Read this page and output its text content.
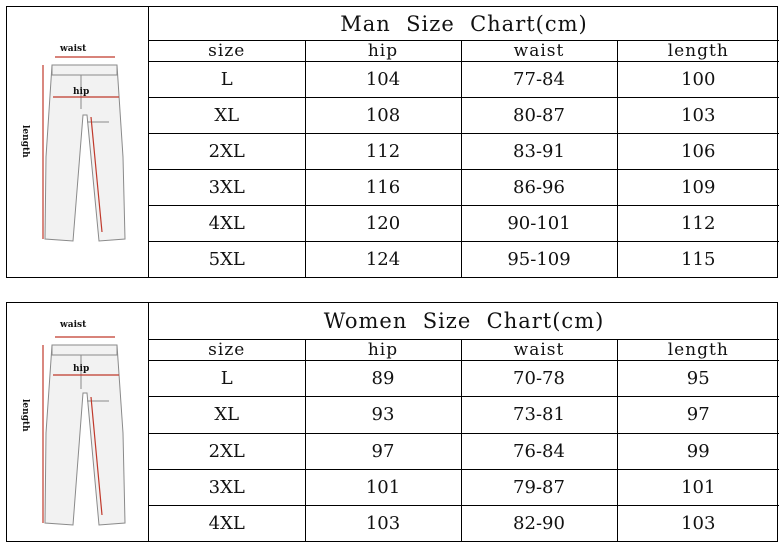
waist
hip
length
Man  Size  Chart(cm)
size	hip	waist	length
L	104	77-84	100
XL	108	80-87	103
2XL	112	83-91	106
3XL	116	86-96	109
4XL	120	90-101	112
5XL	124	95-109	115
waist
hip
length
Women  Size  Chart(cm)
size	hip	waist	length
L	89	70-78	95
XL	93	73-81	97
2XL	97	76-84	99
3XL	101	79-87	101
4XL	103	82-90	103
